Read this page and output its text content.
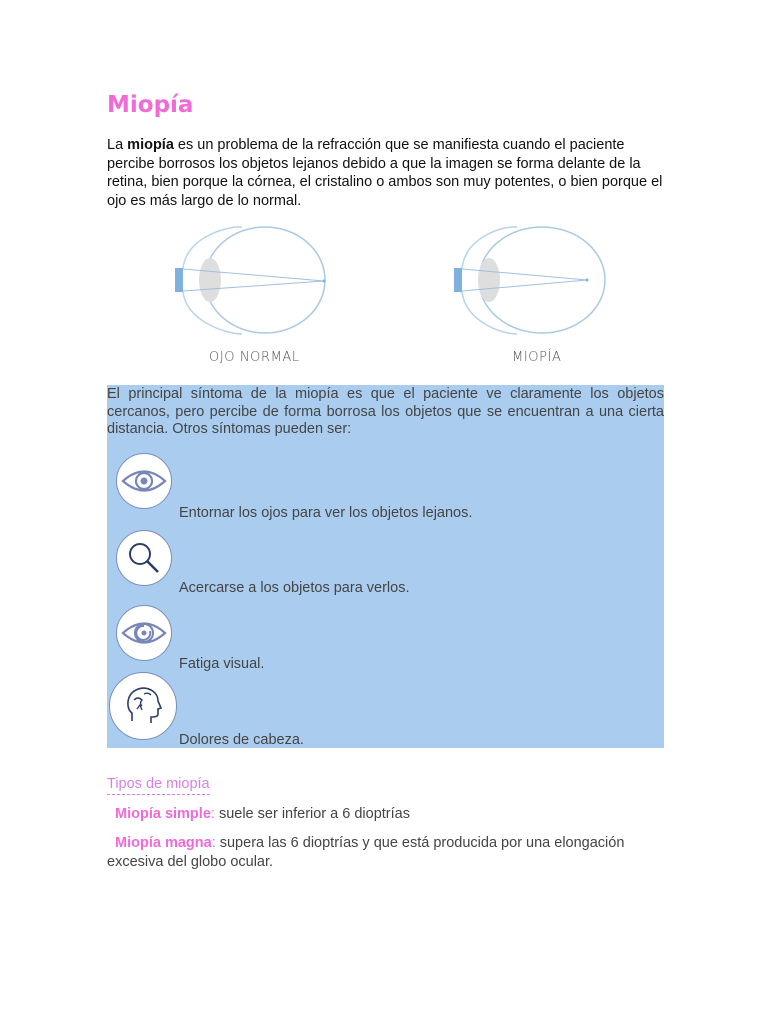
Miopía

La miopía es un problema de la refracción que se manifiesta cuando el paciente percibe borrosos los objetos lejanos debido a que la imagen se forma delante de la retina, bien porque la córnea, el cristalino o ambos son muy potentes, o bien porque el ojo es más largo de lo normal.

OJO NORMAL	MIOPÍA

El principal síntoma de la miopía es que el paciente ve claramente los objetos cercanos, pero percibe de forma borrosa los objetos que se encuentran a una cierta distancia. Otros síntomas pueden ser:

Entornar los ojos para ver los objetos lejanos.
Acercarse a los objetos para verlos.
Fatiga visual.
Dolores de cabeza.
Tipos de miopía
Miopía simple: suele ser inferior a 6 dioptrías
Miopía magna: supera las 6 dioptrías y que está producida por una elongación excesiva del globo ocular.
